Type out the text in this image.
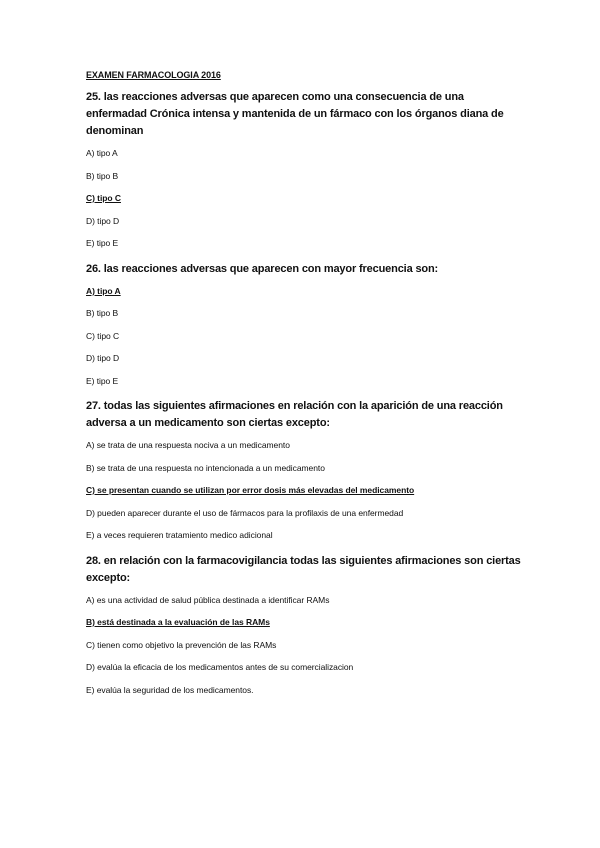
EXAMEN FARMACOLOGIA 2016
25. las reacciones adversas que aparecen como una consecuencia de una enfermadad Crónica intensa y mantenida de un fármaco con los órganos diana de denominan
A) tipo A
B) tipo B
C) tipo C
D) tipo D
E) tipo E
26. las reacciones adversas que aparecen con mayor frecuencia son:
A) tipo A
B) tipo B
C) tipo C
D) tipo D
E) tipo E
27. todas las siguientes afirmaciones en relación con la aparición de una reacción adversa a un medicamento son ciertas excepto:
A) se trata de una respuesta nociva a un medicamento
B) se trata de una respuesta no intencionada a un medicamento
C) se presentan cuando se utilizan por error dosis más elevadas del medicamento
D) pueden aparecer durante el uso de fármacos para la profilaxis de una enfermedad
E) a veces requieren tratamiento medico adicional
28. en relación con la farmacovigilancia todas las siguientes afirmaciones son ciertas excepto:
A) es una actividad de salud pública destinada a identificar RAMs
B) está destinada a la evaluación de las RAMs
C) tienen como objetivo la prevención de las RAMs
D) evalúa la eficacia de los medicamentos antes de su comercializacion
E) evalúa la seguridad de los medicamentos.
